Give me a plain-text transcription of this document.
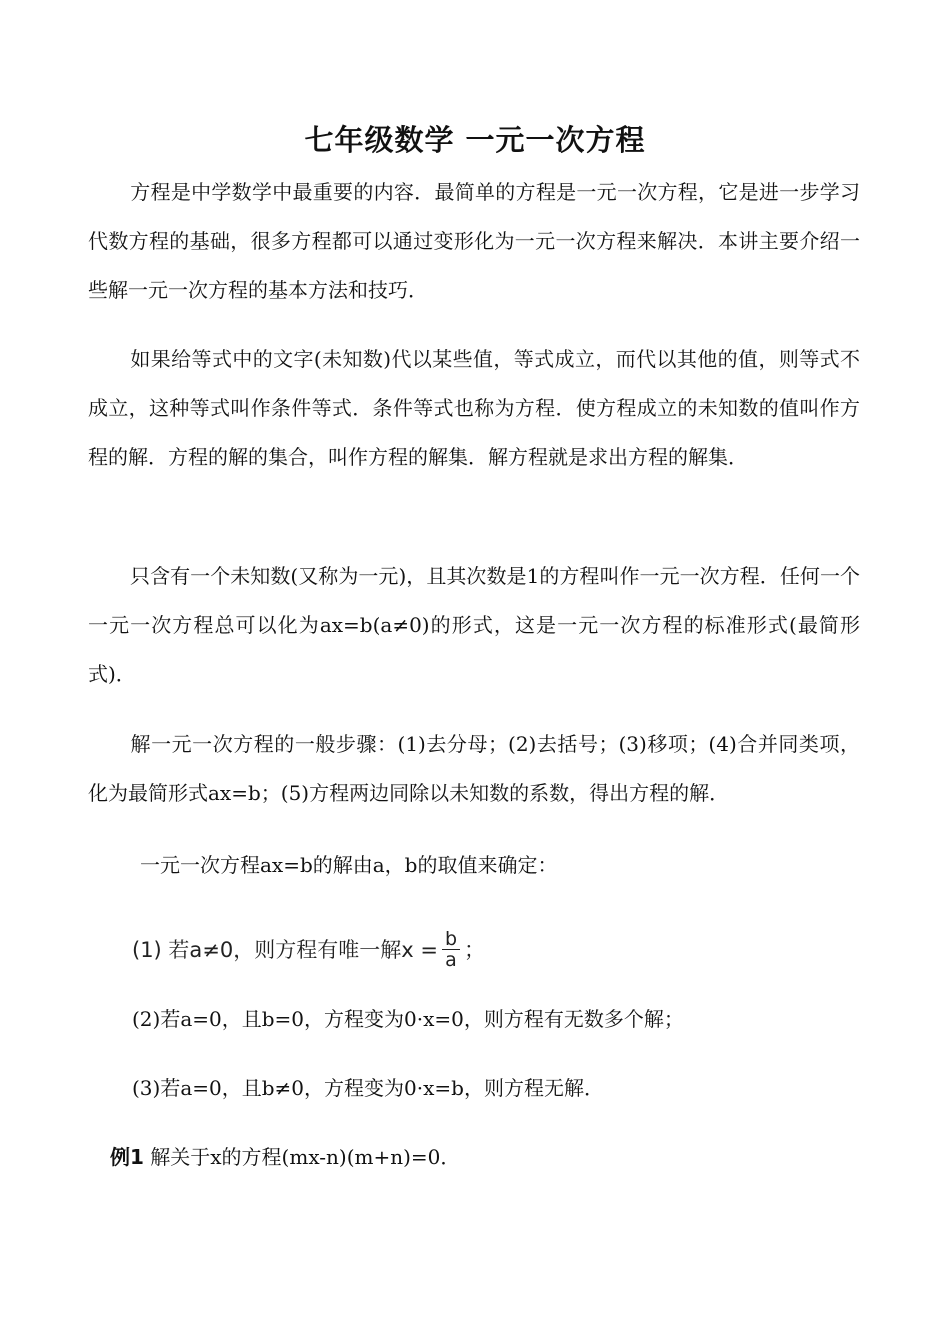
七年级数学 一元一次方程

方程是中学数学中最重要的内容．最简单的方程是一元一次方程，它是进一步学习代数方程的基础，很多方程都可以通过变形化为一元一次方程来解决．本讲主要介绍一些解一元一次方程的基本方法和技巧．

如果给等式中的文字(未知数)代以某些值，等式成立，而代以其他的值，则等式不成立，这种等式叫作条件等式．条件等式也称为方程．使方程成立的未知数的值叫作方程的解．方程的解的集合，叫作方程的解集．解方程就是求出方程的解集．

只含有一个未知数(又称为一元)，且其次数是1的方程叫作一元一次方程．任何一个一元一次方程总可以化为ax=b(a≠0)的形式，这是一元一次方程的标准形式(最简形式)．

解一元一次方程的一般步骤：(1)去分母；(2)去括号；(3)移项；(4)合并同类项，化为最简形式ax=b；(5)方程两边同除以未知数的系数，得出方程的解．

一元一次方程ax=b的解由a，b的取值来确定：

(1) 若a≠0，则方程有唯一解$x = \frac{b}{a}$ ；

(2)若a=0，且b=0，方程变为0·x=0，则方程有无数多个解；

(3)若a=0，且b≠0，方程变为0·x=b，则方程无解．

例1 解关于x的方程(mx-n)(m+n)=0．
